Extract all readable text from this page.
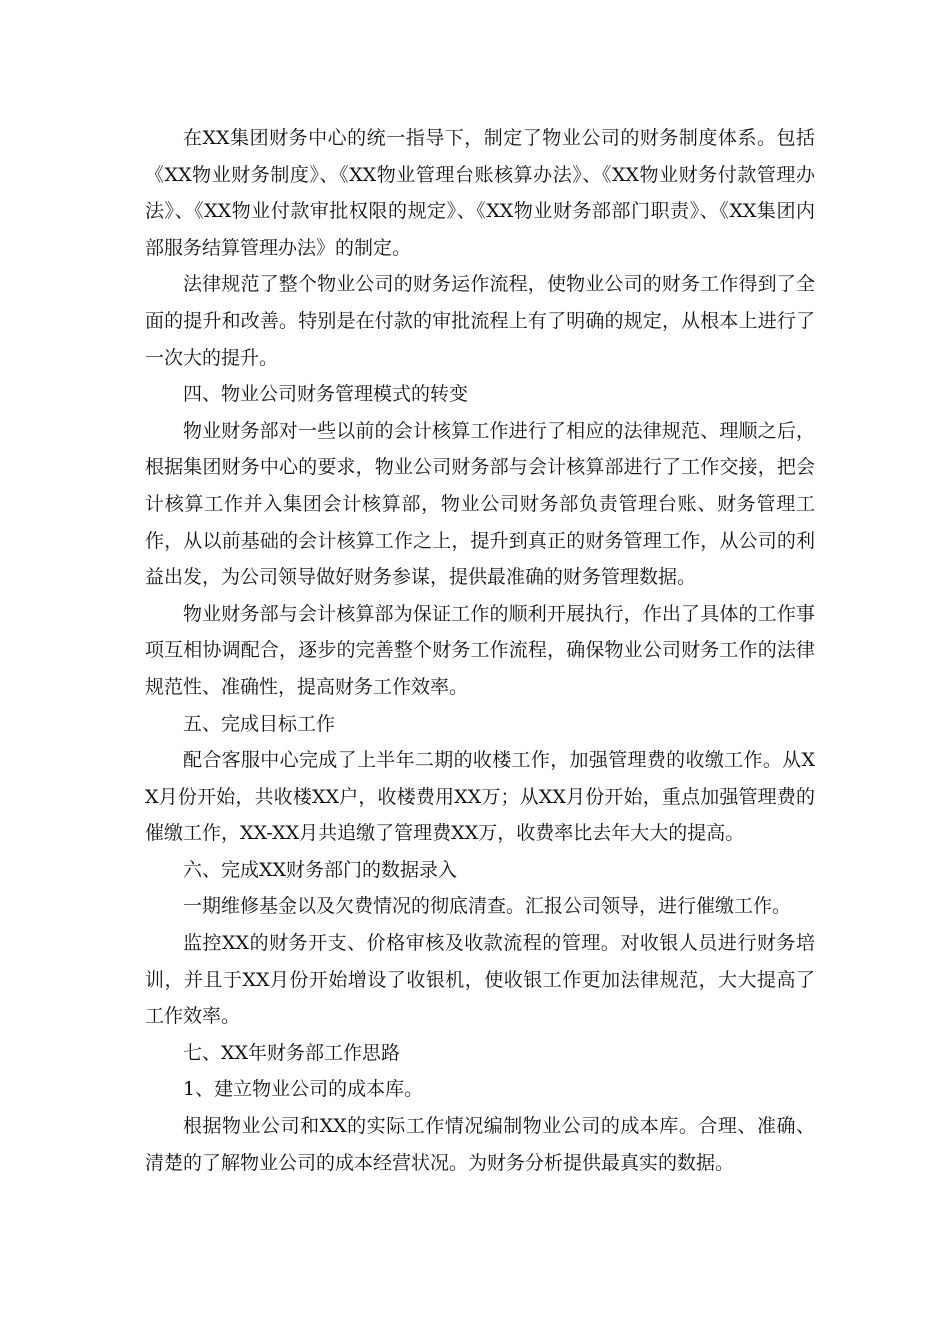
在XX集团财务中心的统一指导下，制定了物业公司的财务制度体系。包括《XX物业财务制度》、《XX物业管理台账核算办法》、《XX物业财务付款管理办法》、《XX物业付款审批权限的规定》、《XX物业财务部部门职责》、《XX集团内部服务结算管理办法》的制定。

法律规范了整个物业公司的财务运作流程，使物业公司的财务工作得到了全面的提升和改善。特别是在付款的审批流程上有了明确的规定，从根本上进行了一次大的提升。

四、物业公司财务管理模式的转变

物业财务部对一些以前的会计核算工作进行了相应的法律规范、理顺之后，根据集团财务中心的要求，物业公司财务部与会计核算部进行了工作交接，把会计核算工作并入集团会计核算部，物业公司财务部负责管理台账、财务管理工作，从以前基础的会计核算工作之上，提升到真正的财务管理工作，从公司的利益出发，为公司领导做好财务参谋，提供最准确的财务管理数据。

物业财务部与会计核算部为保证工作的顺利开展执行，作出了具体的工作事项互相协调配合，逐步的完善整个财务工作流程，确保物业公司财务工作的法律规范性、准确性，提高财务工作效率。

五、完成目标工作

配合客服中心完成了上半年二期的收楼工作，加强管理费的收缴工作。从XX月份开始，共收楼XX户，收楼费用XX万；从XX月份开始，重点加强管理费的催缴工作，XX-XX月共追缴了管理费XX万，收费率比去年大大的提高。

六、完成XX财务部门的数据录入

一期维修基金以及欠费情况的彻底清查。汇报公司领导，进行催缴工作。

监控XX的财务开支、价格审核及收款流程的管理。对收银人员进行财务培训，并且于XX月份开始增设了收银机，使收银工作更加法律规范，大大提高了工作效率。

七、XX年财务部工作思路

1、建立物业公司的成本库。

根据物业公司和XX的实际工作情况编制物业公司的成本库。合理、准确、清楚的了解物业公司的成本经营状况。为财务分析提供最真实的数据。
